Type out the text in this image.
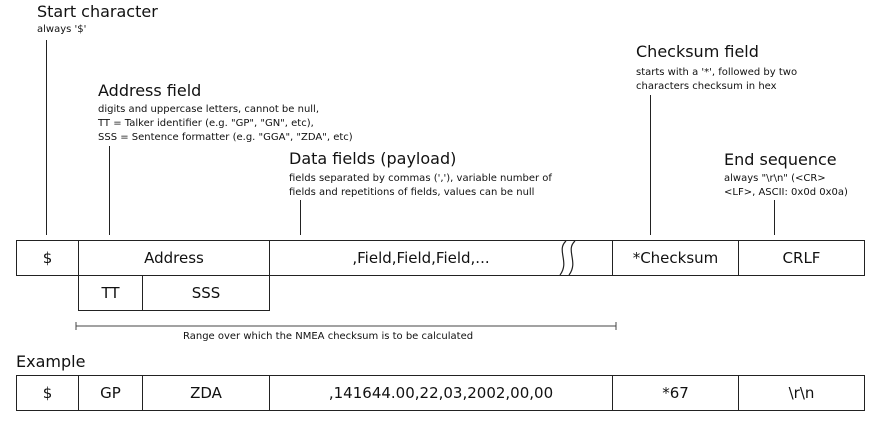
Start character
always '$'
Address field
digits and uppercase letters, cannot be null,
TT = Talker identifier (e.g. "GP", "GN", etc),
SSS = Sentence formatter (e.g. "GGA", "ZDA", etc)
Data fields (payload)
fields separated by commas (','), variable number of
fields and repetitions of fields, values can be null
Checksum field
starts with a '*', followed by two
characters checksum in hex
End sequence
always "\r\n" (<CR>
<LF>, ASCII: 0x0d 0x0a)
$	Address	,Field,Field,Field,...	*Checksum	CRLF
TT	SSS
Range over which the NMEA checksum is to be calculated
Example
$	GP	ZDA	,141644.00,22,03,2002,00,00	*67	\r\n
